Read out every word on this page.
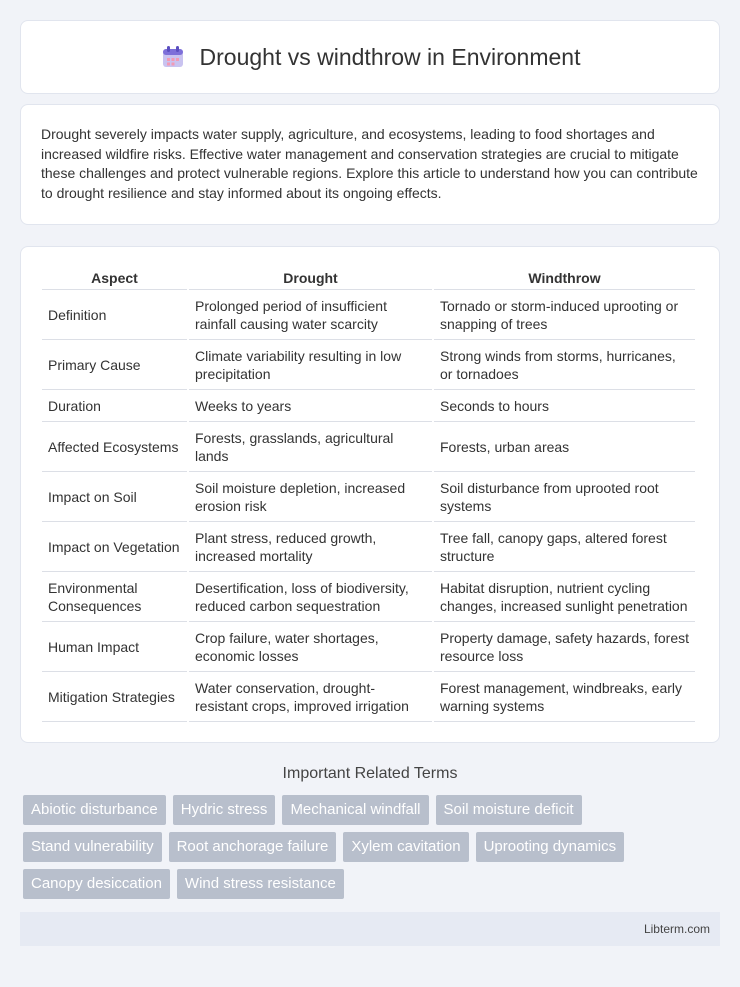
Drought vs windthrow in Environment

Drought severely impacts water supply, agriculture, and ecosystems, leading to food shortages and increased wildfire risks. Effective water management and conservation strategies are crucial to mitigate these challenges and protect vulnerable regions. Explore this article to understand how you can contribute to drought resilience and stay informed about its ongoing effects.

Aspect	Drought	Windthrow
Definition	Prolonged period of insufficient rainfall causing water scarcity	Tornado or storm-induced uprooting or snapping of trees
Primary Cause	Climate variability resulting in low precipitation	Strong winds from storms, hurricanes, or tornadoes
Duration	Weeks to years	Seconds to hours
Affected Ecosystems	Forests, grasslands, agricultural lands	Forests, urban areas
Impact on Soil	Soil moisture depletion, increased erosion risk	Soil disturbance from uprooted root systems
Impact on Vegetation	Plant stress, reduced growth, increased mortality	Tree fall, canopy gaps, altered forest structure
Environmental Consequences	Desertification, loss of biodiversity, reduced carbon sequestration	Habitat disruption, nutrient cycling changes, increased sunlight penetration
Human Impact	Crop failure, water shortages, economic losses	Property damage, safety hazards, forest resource loss
Mitigation Strategies	Water conservation, drought-resistant crops, improved irrigation	Forest management, windbreaks, early warning systems
Important Related Terms
Abiotic disturbance	Hydric stress	Mechanical windfall	Soil moisture deficit
Stand vulnerability	Root anchorage failure	Xylem cavitation	Uprooting dynamics
Canopy desiccation	Wind stress resistance
Libterm.com
